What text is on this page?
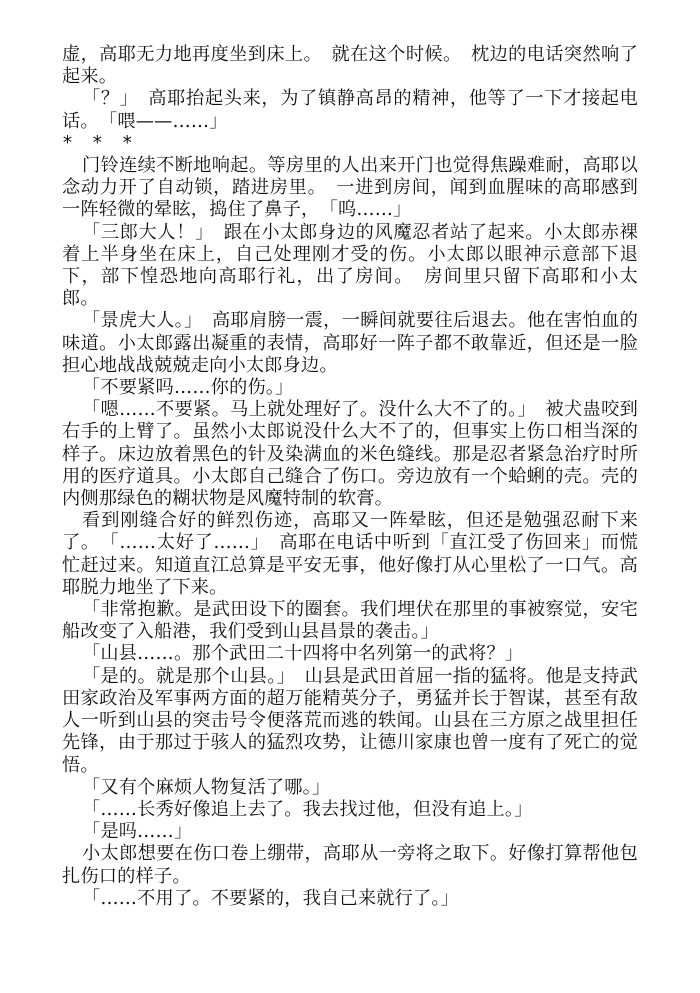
虚，高耶无力地再度坐到床上。　就在这个时候。　枕边的电话突然响了起来。

「？」　高耶抬起头来，为了镇静高昂的精神，他等了一下才接起电话。　「喂——……」

* * *

门铃连续不断地响起。等房里的人出来开门也觉得焦躁难耐，高耶以念动力开了自动锁，踏进房里。　一进到房间，闻到血腥味的高耶感到一阵轻微的晕眩，捣住了鼻子，　「呜……」

「三郎大人！」　跟在小太郎身边的风魔忍者站了起来。小太郎赤裸着上半身坐在床上，自己处理刚才受的伤。小太郎以眼神示意部下退下，部下惶恐地向高耶行礼，出了房间。　房间里只留下高耶和小太郎。

「景虎大人。」　高耶肩膀一震，一瞬间就要往后退去。他在害怕血的味道。小太郎露出凝重的表情，高耶好一阵子都不敢靠近，但还是一脸担心地战战兢兢走向小太郎身边。

「不要紧吗……你的伤。」

「嗯……不要紧。马上就处理好了。没什么大不了的。」　被犬蛊咬到右手的上臂了。虽然小太郎说没什么大不了的，但事实上伤口相当深的样子。床边放着黑色的针及染满血的米色缝线。那是忍者紧急治疗时所用的医疗道具。小太郎自己缝合了伤口。旁边放有一个蛤蜊的壳。壳的内侧那绿色的糊状物是风魔特制的软膏。

看到刚缝合好的鲜烈伤迹，高耶又一阵晕眩，但还是勉强忍耐下来了。　「……太好了……」　高耶在电话中听到「直江受了伤回来」而慌忙赶过来。知道直江总算是平安无事，他好像打从心里松了一口气。高耶脱力地坐了下来。

「非常抱歉。是武田设下的圈套。我们埋伏在那里的事被察觉，安宅船改变了入船港，我们受到山县昌景的袭击。」

「山县……。那个武田二十四将中名列第一的武将？」

「是的。就是那个山县。」　山县是武田首屈一指的猛将。他是支持武田家政治及军事两方面的超万能精英分子，勇猛并长于智谋，甚至有敌人一听到山县的突击号令便落荒而逃的轶闻。山县在三方原之战里担任先锋，由于那过于骇人的猛烈攻势，让德川家康也曾一度有了死亡的觉悟。

「又有个麻烦人物复活了哪。」

「……长秀好像追上去了。我去找过他，但没有追上。」

「是吗……」

小太郎想要在伤口卷上绷带，高耶从一旁将之取下。好像打算帮他包扎伤口的样子。

「……不用了。不要紧的，我自己来就行了。」
